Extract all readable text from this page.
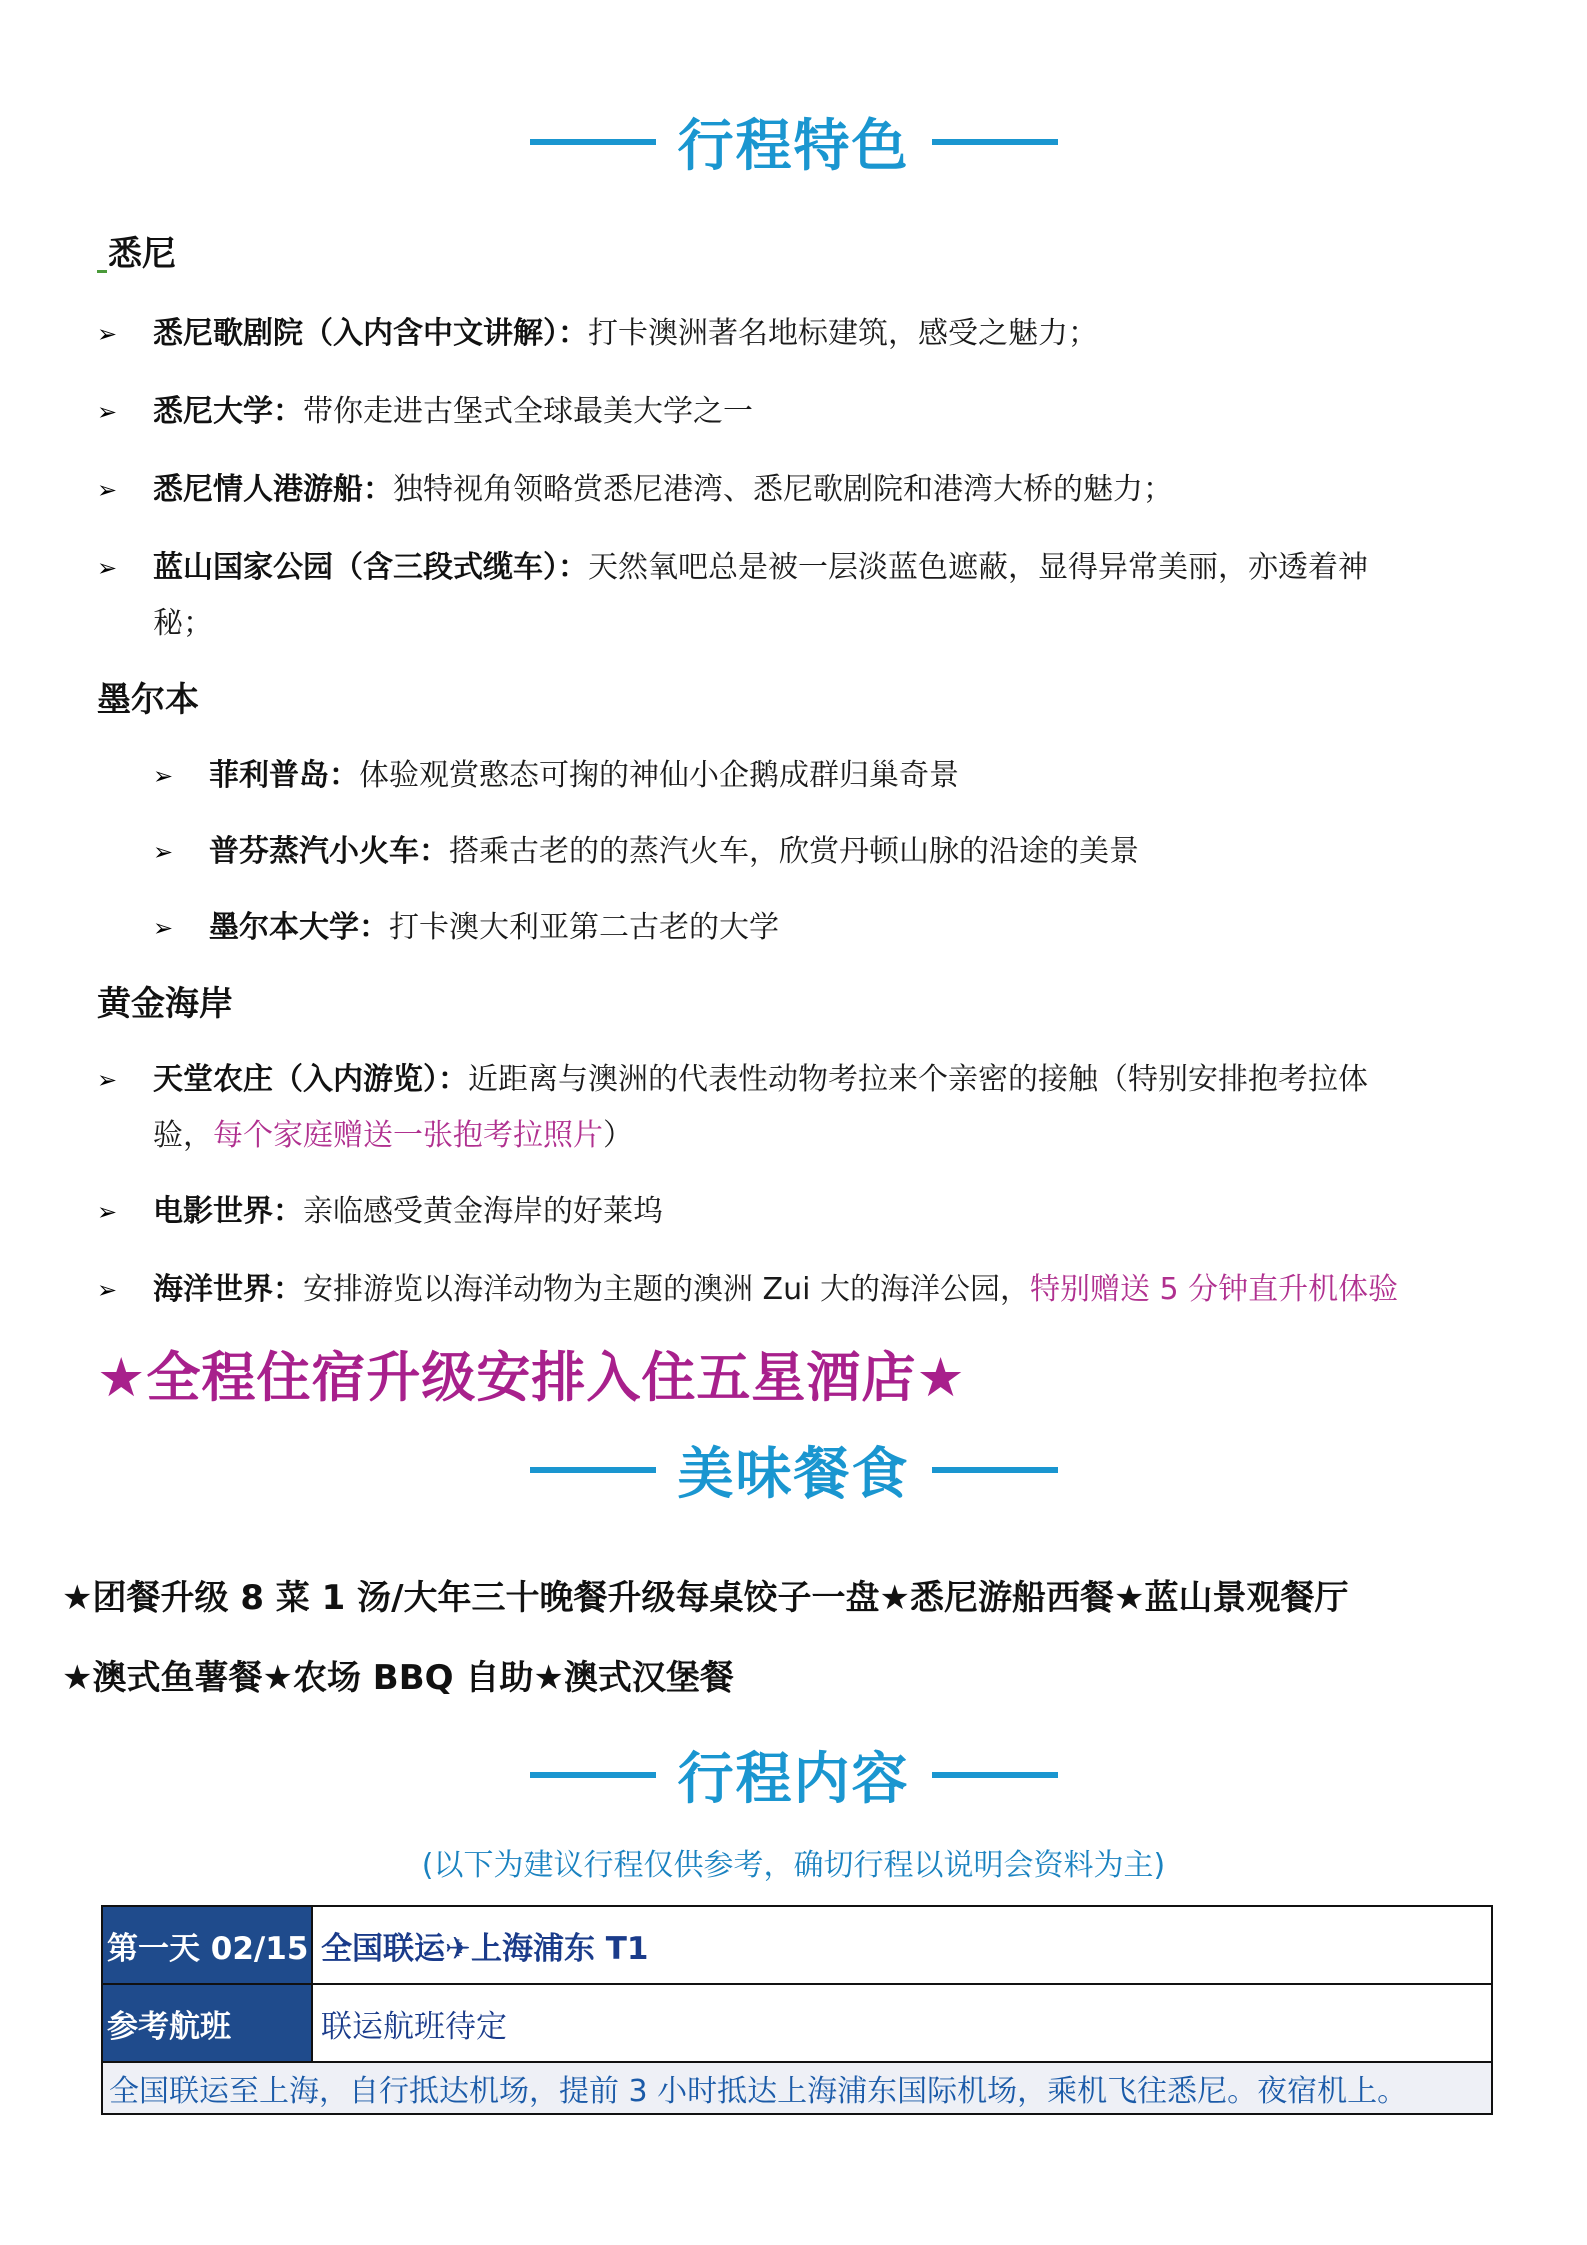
行程特色
悉尼
➢	悉尼歌剧院（入内含中文讲解）：打卡澳洲著名地标建筑，感受之魅力；
➢	悉尼大学：带你走进古堡式全球最美大学之一
➢	悉尼情人港游船：独特视角领略赏悉尼港湾、悉尼歌剧院和港湾大桥的魅力；
➢	蓝山国家公园（含三段式缆车）：天然氧吧总是被一层淡蓝色遮蔽，显得异常美丽，亦透着神
秘；
墨尔本
➢	菲利普岛：体验观赏憨态可掬的神仙小企鹅成群归巢奇景
➢	普芬蒸汽小火车：搭乘古老的的蒸汽火车，欣赏丹顿山脉的沿途的美景
➢	墨尔本大学：打卡澳大利亚第二古老的大学
黄金海岸
➢	天堂农庄（入内游览）：近距离与澳洲的代表性动物考拉来个亲密的接触（特别安排抱考拉体
验，每个家庭赠送一张抱考拉照片）
➢	电影世界：亲临感受黄金海岸的好莱坞
➢	海洋世界：安排游览以海洋动物为主题的澳洲 Zui 大的海洋公园，特别赠送 5 分钟直升机体验
★全程住宿升级安排入住五星酒店★
美味餐食
★团餐升级 8 菜 1 汤/大年三十晚餐升级每桌饺子一盘★悉尼游船西餐★蓝山景观餐厅
★澳式鱼薯餐★农场 BBQ 自助★澳式汉堡餐
行程内容
(以下为建议行程仅供参考，确切行程以说明会资料为主)
第一天 02/15 全国联运✈上海浦东 T1
参考航班	联运航班待定
全国联运至上海，自行抵达机场，提前 3 小时抵达上海浦东国际机场，乘机飞往悉尼。夜宿机上。
